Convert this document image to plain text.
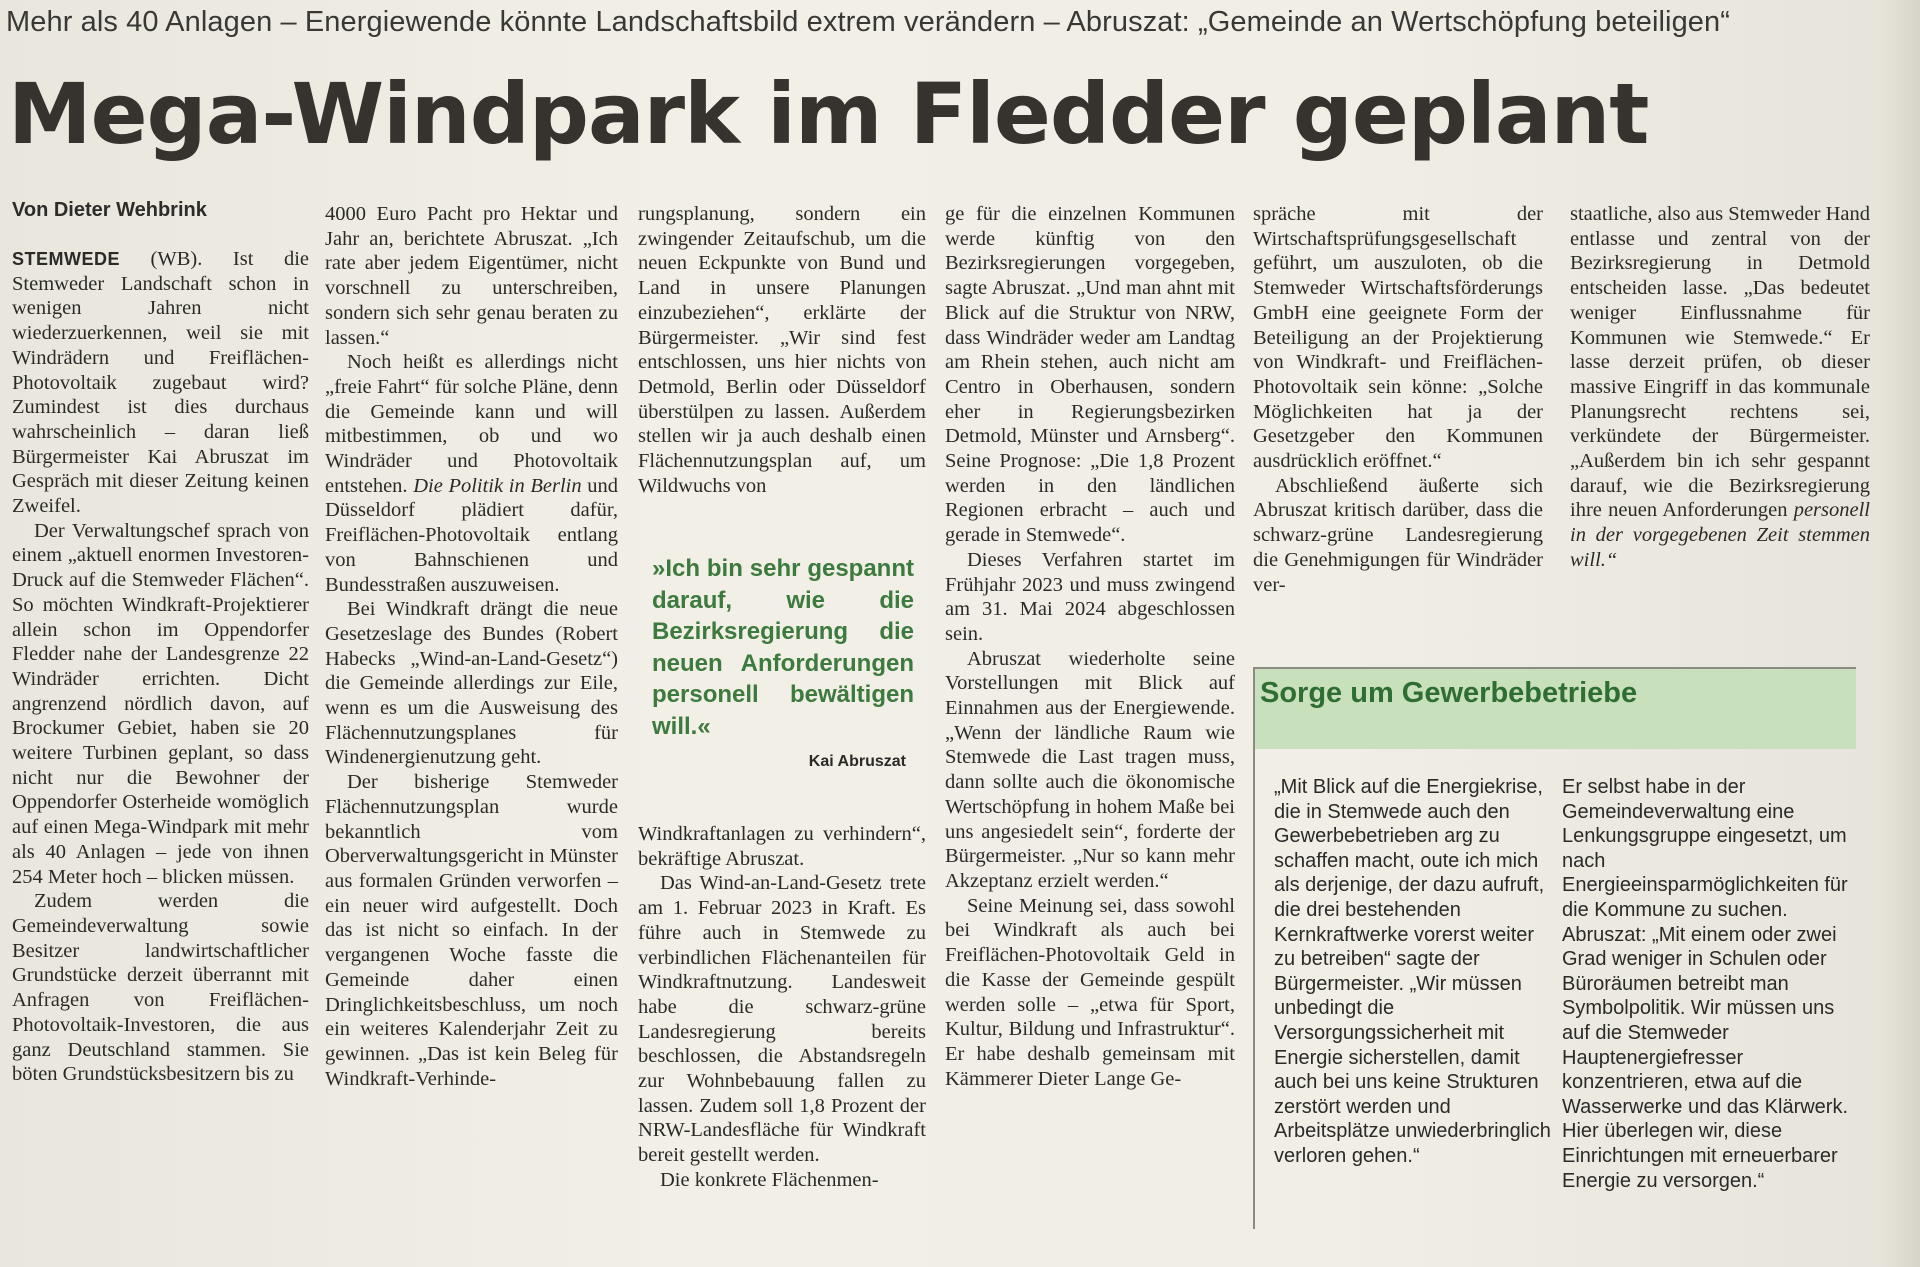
Mehr als 40 Anlagen – Energiewende könnte Landschaftsbild extrem verändern – Abruszat: „Gemeinde an Wertschöpfung beteiligen“
Mega-Windpark im Fledder geplant
Von Dieter Wehbrink

STEMWEDE (WB). Ist die Stemweder Landschaft schon in wenigen Jahren nicht wiederzuerkennen, weil sie mit Windrädern und Freiflächen-Photovoltaik zugebaut wird? Zumindest ist dies durchaus wahrscheinlich – daran ließ Bürgermeister Kai Abruszat im Gespräch mit dieser Zeitung keinen Zweifel.

Der Verwaltungschef sprach von einem „aktuell enormen Investoren-Druck auf die Stemweder Flächen“. So möchten Windkraft-Projektierer allein schon im Oppendorfer Fledder nahe der Landesgrenze 22 Windräder errichten. Dicht angrenzend nördlich davon, auf Brockumer Gebiet, haben sie 20 weitere Turbinen geplant, so dass nicht nur die Bewohner der Oppendorfer Osterheide womöglich auf einen Mega-Windpark mit mehr als 40 Anlagen – jede von ihnen 254 Meter hoch – blicken müssen.

Zudem werden die Gemeindeverwaltung sowie Besitzer landwirtschaftlicher Grundstücke derzeit überrannt mit Anfragen von Freiflächen-Photovoltaik-Investoren, die aus ganz Deutschland stammen. Sie böten Grundstücksbesitzern bis zu

4000 Euro Pacht pro Hektar und Jahr an, berichtete Abruszat. „Ich rate aber jedem Eigentümer, nicht vorschnell zu unterschreiben, sondern sich sehr genau beraten zu lassen.“

Noch heißt es allerdings nicht „freie Fahrt“ für solche Pläne, denn die Gemeinde kann und will mitbestimmen, ob und wo Windräder und Photovoltaik entstehen. Die Politik in Berlin und Düsseldorf plädiert dafür, Freiflächen-Photovoltaik entlang von Bahnschienen und Bundesstraßen auszuweisen.

Bei Windkraft drängt die neue Gesetzeslage des Bundes (Robert Habecks „Wind-an-Land-Gesetz“) die Gemeinde allerdings zur Eile, wenn es um die Ausweisung des Flächennutzungsplanes für Windenergienutzung geht.

Der bisherige Stemweder Flächennutzungsplan wurde bekanntlich vom Oberverwaltungsgericht in Münster aus formalen Gründen verworfen – ein neuer wird aufgestellt. Doch das ist nicht so einfach. In der vergangenen Woche fasste die Gemeinde daher einen Dringlichkeitsbeschluss, um noch ein weiteres Kalenderjahr Zeit zu gewinnen. „Das ist kein Beleg für Windkraft-Verhinde-

rungsplanung, sondern ein zwingender Zeitaufschub, um die neuen Eckpunkte von Bund und Land in unsere Planungen einzubeziehen“, erklärte der Bürgermeister. „Wir sind fest entschlossen, uns hier nichts von Detmold, Berlin oder Düsseldorf überstülpen zu lassen. Außerdem stellen wir ja auch deshalb einen Flächennutzungsplan auf, um Wildwuchs von

»Ich bin sehr gespannt darauf, wie die Bezirksregierung die neuen Anforderungen personell bewältigen will.«
Kai Abruszat

Windkraftanlagen zu verhindern“, bekräftige Abruszat.

Das Wind-an-Land-Gesetz trete am 1. Februar 2023 in Kraft. Es führe auch in Stemwede zu verbindlichen Flächenanteilen für Windkraftnutzung. Landesweit habe die schwarz-grüne Landesregierung bereits beschlossen, die Abstandsregeln zur Wohnbebauung fallen zu lassen. Zudem soll 1,8 Prozent der NRW-Landesfläche für Windkraft bereit gestellt werden.

Die konkrete Flächenmen-

ge für die einzelnen Kommunen werde künftig von den Bezirksregierungen vorgegeben, sagte Abruszat. „Und man ahnt mit Blick auf die Struktur von NRW, dass Windräder weder am Landtag am Rhein stehen, auch nicht am Centro in Oberhausen, sondern eher in Regierungsbezirken Detmold, Münster und Arnsberg“. Seine Prognose: „Die 1,8 Prozent werden in den ländlichen Regionen erbracht – auch und gerade in Stemwede“.

Dieses Verfahren startet im Frühjahr 2023 und muss zwingend am 31. Mai 2024 abgeschlossen sein.

Abruszat wiederholte seine Vorstellungen mit Blick auf Einnahmen aus der Energiewende. „Wenn der ländliche Raum wie Stemwede die Last tragen muss, dann sollte auch die ökonomische Wertschöpfung in hohem Maße bei uns angesiedelt sein“, forderte der Bürgermeister. „Nur so kann mehr Akzeptanz erzielt werden.“

Seine Meinung sei, dass sowohl bei Windkraft als auch bei Freiflächen-Photovoltaik Geld in die Kasse der Gemeinde gespült werden solle – „etwa für Sport, Kultur, Bildung und Infrastruktur“. Er habe deshalb gemeinsam mit Kämmerer Dieter Lange Ge-

spräche mit der Wirtschaftsprüfungsgesellschaft geführt, um auszuloten, ob die Stemweder Wirtschaftsförderungs GmbH eine geeignete Form der Beteiligung an der Projektierung von Windkraft- und Freiflächen-Photovoltaik sein könne: „Solche Möglichkeiten hat ja der Gesetzgeber den Kommunen ausdrücklich eröffnet.“

Abschließend äußerte sich Abruszat kritisch darüber, dass die schwarz-grüne Landesregierung die Genehmigungen für Windräder ver-

staatliche, also aus Stemweder Hand entlasse und zentral von der Bezirksregierung in Detmold entscheiden lasse. „Das bedeutet weniger Einflussnahme für Kommunen wie Stemwede.“ Er lasse derzeit prüfen, ob dieser massive Eingriff in das kommunale Planungsrecht rechtens sei, verkündete der Bürgermeister. „Außerdem bin ich sehr gespannt darauf, wie die Bezirksregierung ihre neuen Anforderungen personell in der vorgegebenen Zeit stemmen will.“

Sorge um Gewerbebetriebe

„Mit Blick auf die Energiekrise, die in Stemwede auch den Gewerbebetrieben arg zu schaffen macht, oute ich mich als derjenige, der dazu aufruft, die drei bestehenden Kernkraftwerke vorerst weiter zu betreiben“ sagte der Bürgermeister. „Wir müssen unbedingt die Versorgungssicherheit mit Energie sicherstellen, damit auch bei uns keine Strukturen zerstört werden und Arbeitsplätze unwiederbringlich verloren gehen.“

Er selbst habe in der Gemeindeverwaltung eine Lenkungsgruppe eingesetzt, um nach Energieeinsparmöglichkeiten für die Kommune zu suchen. Abruszat: „Mit einem oder zwei Grad weniger in Schulen oder Büroräumen betreibt man Symbolpolitik. Wir müssen uns auf die Stemweder Hauptenergiefresser konzentrieren, etwa auf die Wasserwerke und das Klärwerk. Hier überlegen wir, diese Einrichtungen mit erneuerbarer Energie zu versorgen.“
